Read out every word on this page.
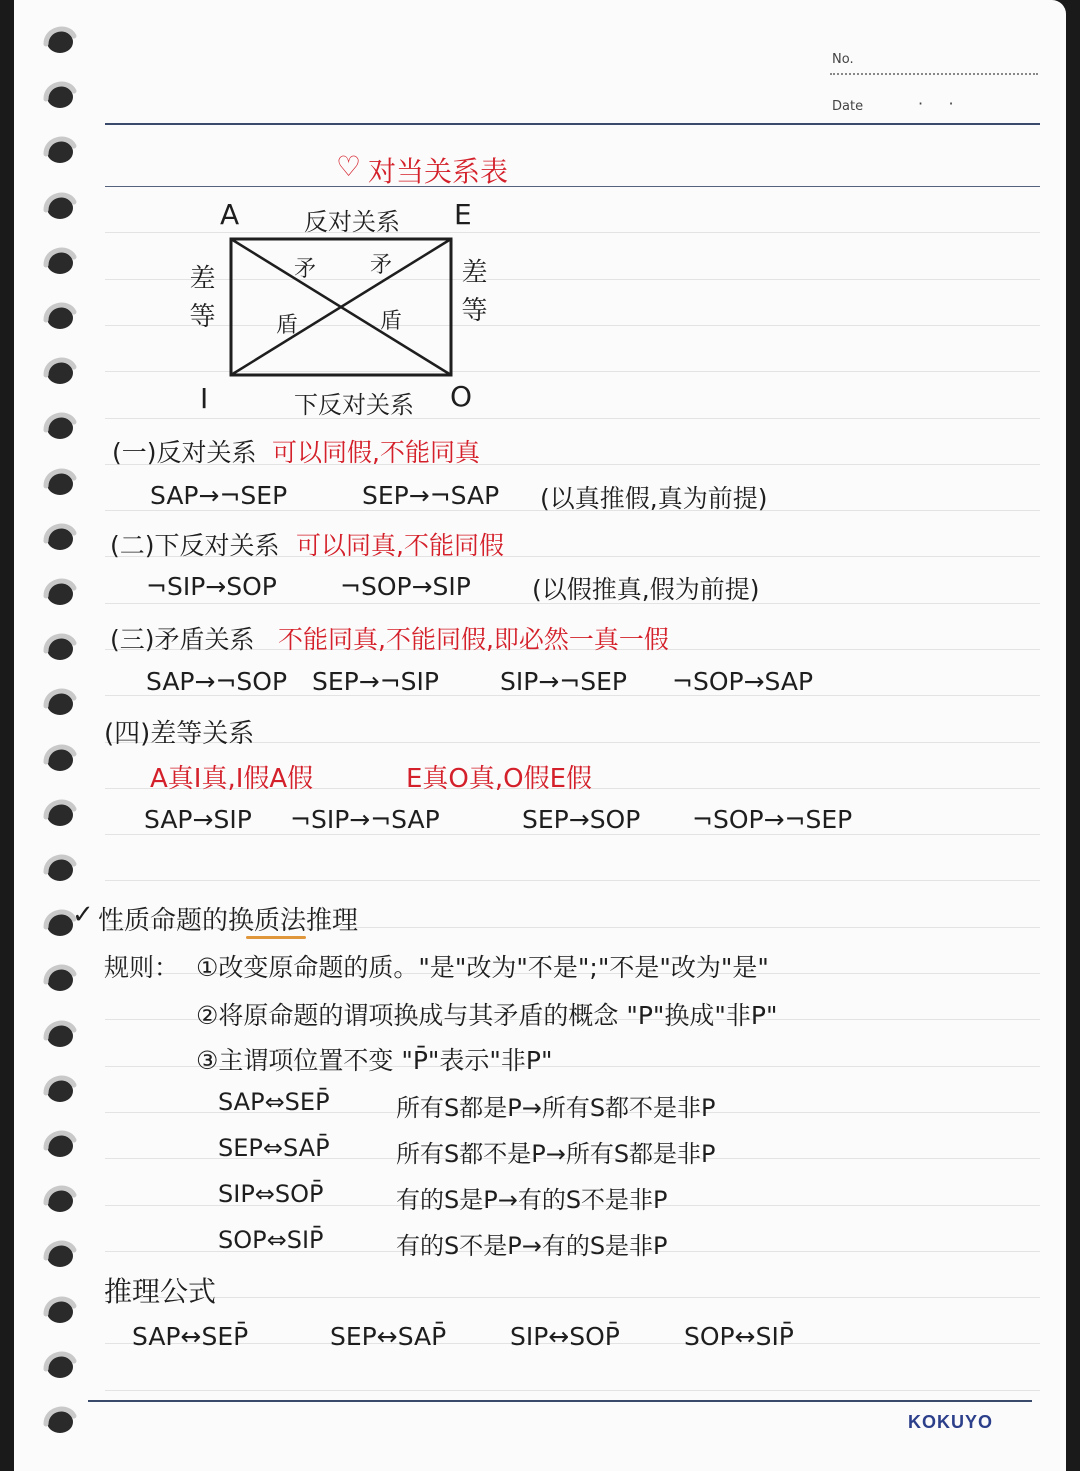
No.
Date	·     ·
♡ 对当关系表
A	E
I	O
反对关系
下反对关系
差等	差等
矛 矛
盾	盾
(一)反对关系 可以同假,不能同真
SAP→¬SEP	SEP→¬SAP (以真推假,真为前提)
(二)下反对关系 可以同真,不能同假
¬SIP→SOP	¬SOP→SIP (以假推真,假为前提)
(三)矛盾关系 不能同真,不能同假,即必然一真一假
SAP→¬SOP SEP→¬SIP SIP→¬SEP ¬SOP→SAP
(四)差等关系
A真I真,I假A假	E真O真,O假E假
SAP→SIP ¬SIP→¬SAP	SEP→SOP ¬SOP→¬SEP
✓ 性质命题的换质法推理
规则： ①改变原命题的质。"是"改为"不是";"不是"改为"是"
②将原命题的谓项换成与其矛盾的概念 "P"换成"非P"
③主谓项位置不变 "P̄"表示"非P"
SAP⇔SEP̄	所有S都是P→所有S都不是非P
SEP⇔SAP̄	所有S都不是P→所有S都是非P
SIP⇔SOP̄	有的S是P→有的S不是非P
SOP⇔SIP̄	有的S不是P→有的S是非P
推理公式
SAP↔SEP̄	SEP↔SAP̄	SIP↔SOP̄	SOP↔SIP̄
KOKUYO
